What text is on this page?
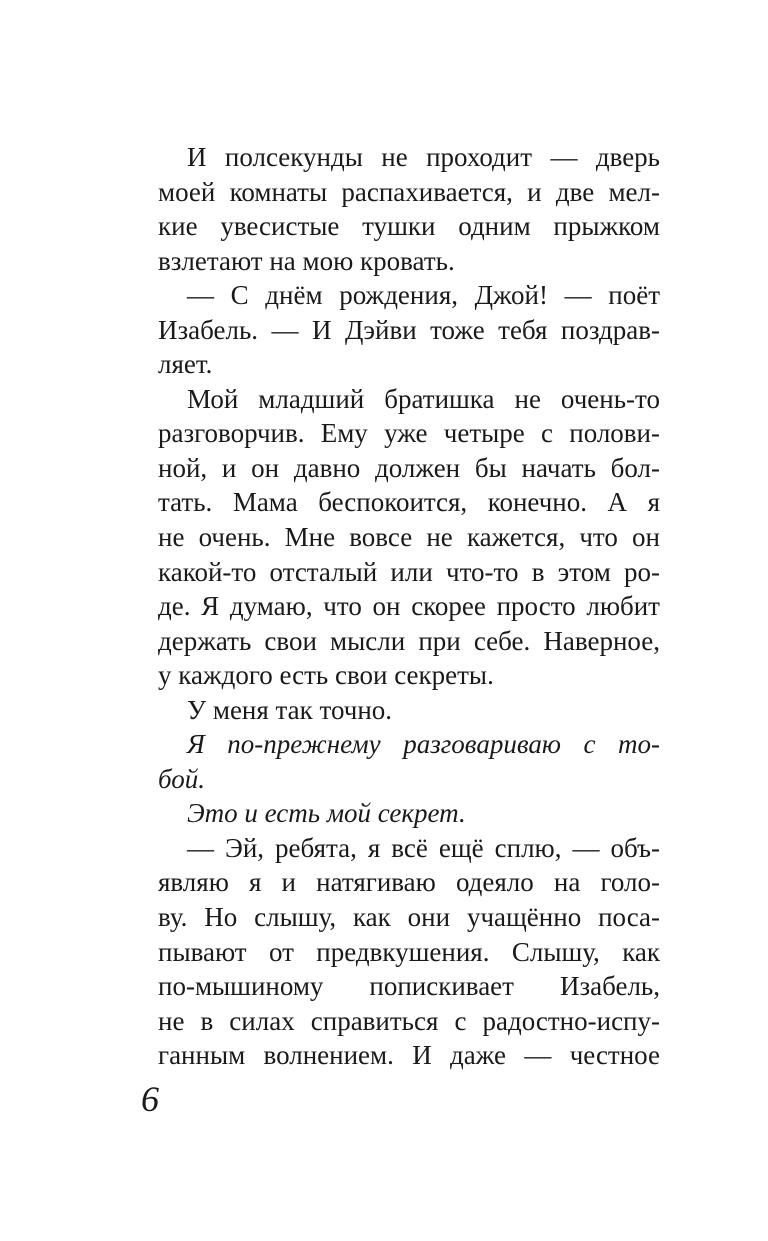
И полсекунды не проходит — дверь
моей комнаты распахивается, и две мел-
кие увесистые тушки одним прыжком
взлетают на мою кровать.
— С днём рождения, Джой! — поёт
Изабель. — И Дэйви тоже тебя поздрав-
ляет.
Мой младший братишка не очень-то
разговорчив. Ему уже четыре с полови-
ной, и он давно должен бы начать бол-
тать. Мама беспокоится, конечно. А я
не очень. Мне вовсе не кажется, что он
какой-то отсталый или что-то в этом ро-
де. Я думаю, что он скорее просто любит
держать свои мысли при себе. Наверное,
у каждого есть свои секреты.
У меня так точно.
Я по-прежнему разговариваю с то-
бой.
Это и есть мой секрет.
— Эй, ребята, я всё ещё сплю, — объ-
являю я и натягиваю одеяло на голо-
ву. Но слышу, как они учащённо поса-
пывают от предвкушения. Слышу, как
по-мышиному попискивает Изабель,
не в силах справиться с радостно-испу-
ганным волнением. И даже — честное
6
